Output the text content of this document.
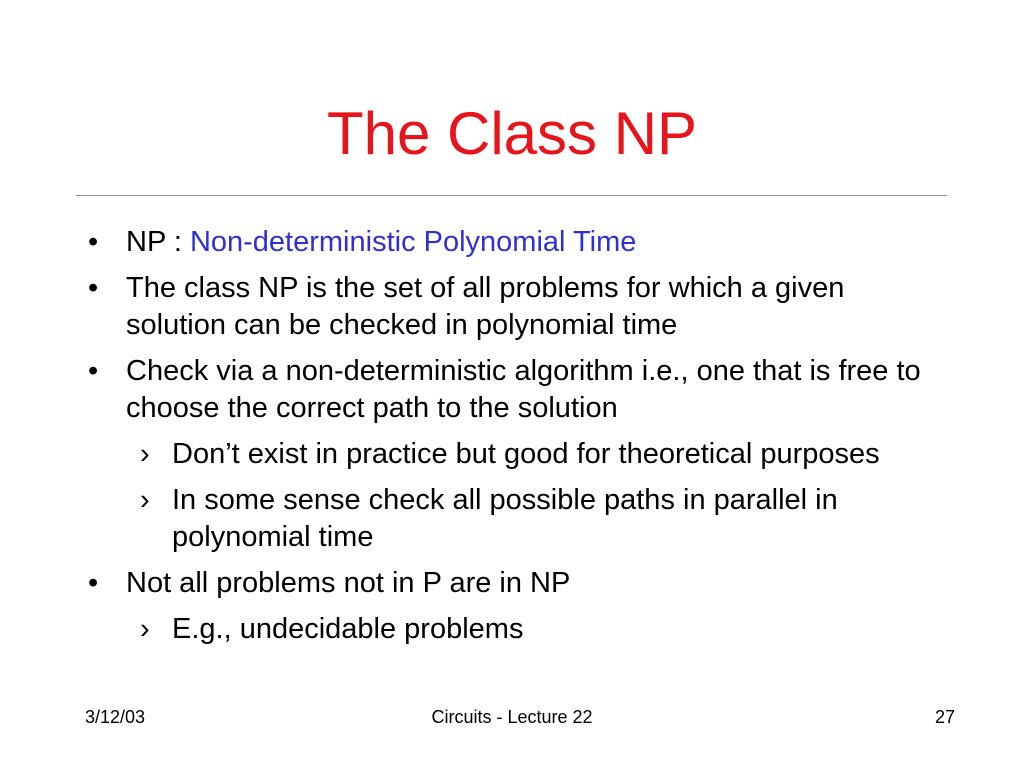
The Class NP
• NP : Non-deterministic Polynomial Time
• The class NP is the set of all problems for which a given solution can be checked in polynomial time
• Check via a non-deterministic algorithm i.e., one that is free to choose the correct path to the solution
› Don’t exist in practice but good for theoretical purposes
› In some sense check all possible paths in parallel in polynomial time
• Not all problems not in P are in NP
› E.g., undecidable problems
3/12/03	Circuits - Lecture 22	27
